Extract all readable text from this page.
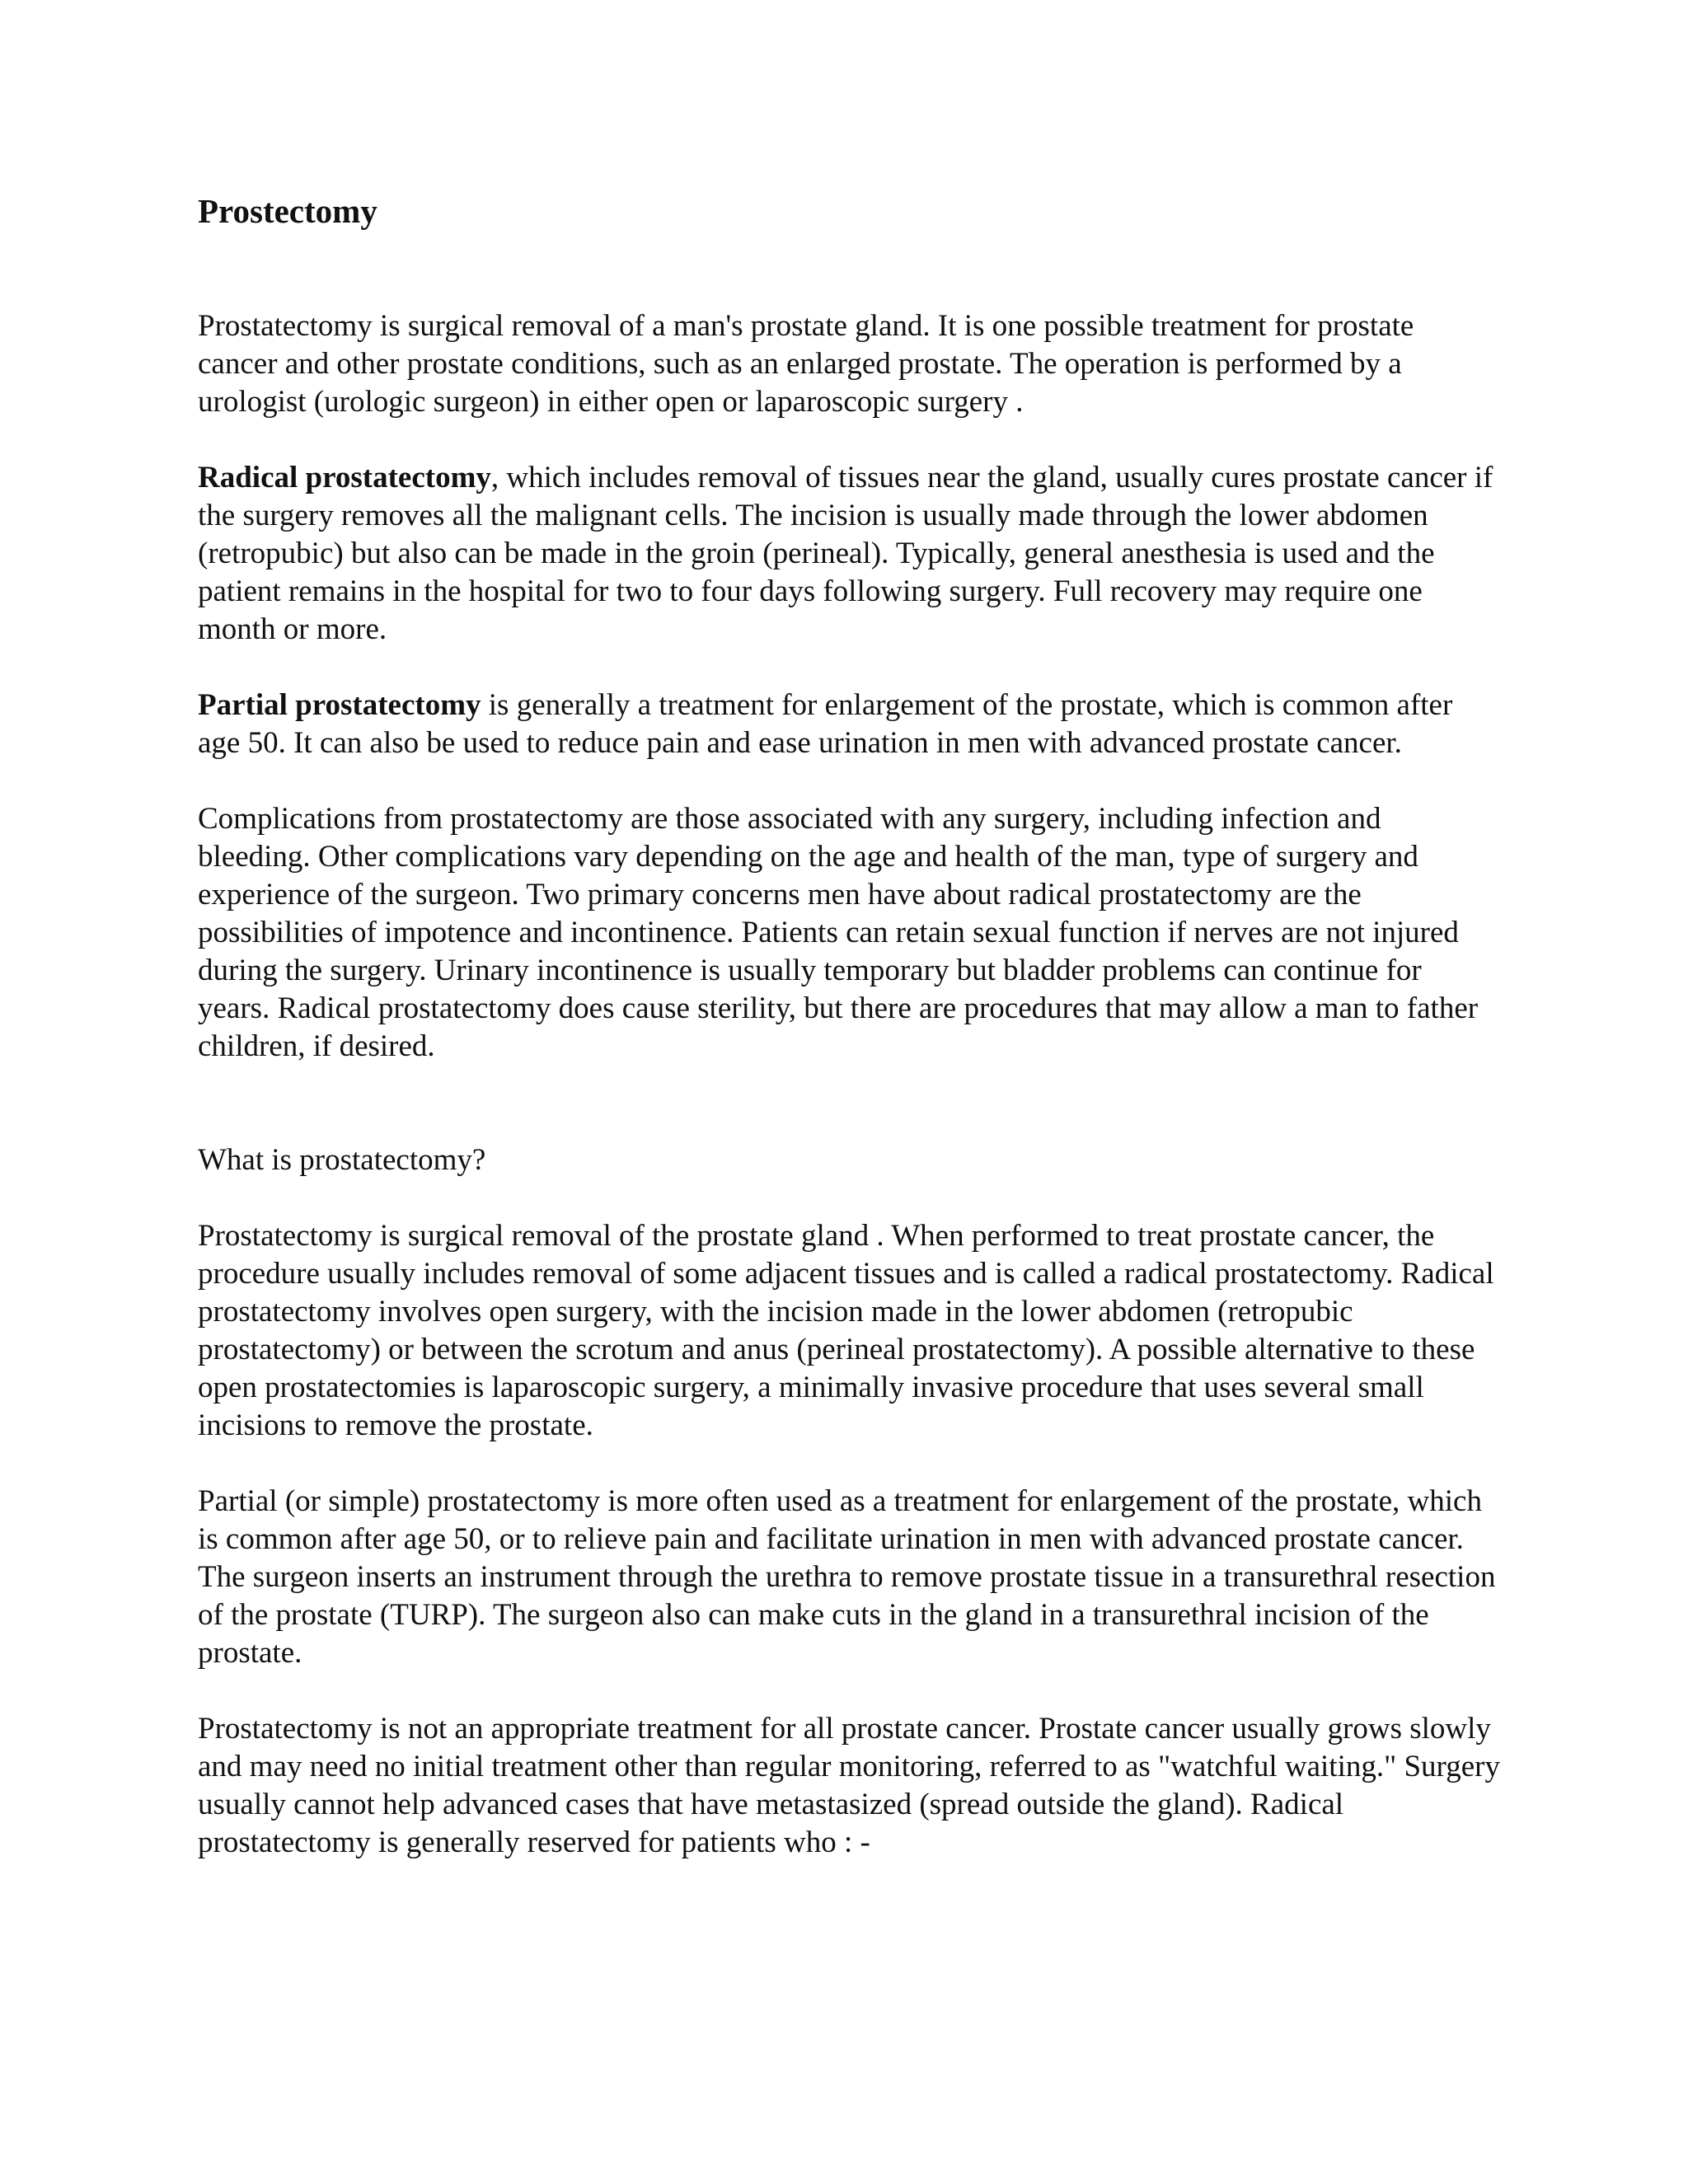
Prostectomy

Prostatectomy is surgical removal of a man's prostate gland. It is one possible treatment for prostate cancer and other prostate conditions, such as an enlarged prostate. The operation is performed by a urologist (urologic surgeon) in either open or laparoscopic surgery .

Radical prostatectomy, which includes removal of tissues near the gland, usually cures prostate cancer if the surgery removes all the malignant cells. The incision is usually made through the lower abdomen (retropubic) but also can be made in the groin (perineal). Typically, general anesthesia is used and the patient remains in the hospital for two to four days following surgery. Full recovery may require one month or more.

Partial prostatectomy is generally a treatment for enlargement of the prostate, which is common after age 50. It can also be used to reduce pain and ease urination in men with advanced prostate cancer.

Complications from prostatectomy are those associated with any surgery, including infection and bleeding. Other complications vary depending on the age and health of the man, type of surgery and experience of the surgeon. Two primary concerns men have about radical prostatectomy are the possibilities of impotence and incontinence. Patients can retain sexual function if nerves are not injured during the surgery. Urinary incontinence is usually temporary but bladder problems can continue for years. Radical prostatectomy does cause sterility, but there are procedures that may allow a man to father children, if desired.

What is prostatectomy?

Prostatectomy is surgical removal of the prostate gland . When performed to treat prostate cancer, the procedure usually includes removal of some adjacent tissues and is called a radical prostatectomy. Radical prostatectomy involves open surgery, with the incision made in the lower abdomen (retropubic prostatectomy) or between the scrotum and anus (perineal prostatectomy). A possible alternative to these open prostatectomies is laparoscopic surgery, a minimally invasive procedure that uses several small incisions to remove the prostate.

Partial (or simple) prostatectomy is more often used as a treatment for enlargement of the prostate, which is common after age 50, or to relieve pain and facilitate urination in men with advanced prostate cancer. The surgeon inserts an instrument through the urethra to remove prostate tissue in a transurethral resection of the prostate (TURP). The surgeon also can make cuts in the gland in a transurethral incision of the prostate.

Prostatectomy is not an appropriate treatment for all prostate cancer. Prostate cancer usually grows slowly and may need no initial treatment other than regular monitoring, referred to as "watchful waiting." Surgery usually cannot help advanced cases that have metastasized (spread outside the gland). Radical prostatectomy is generally reserved for patients who : -
